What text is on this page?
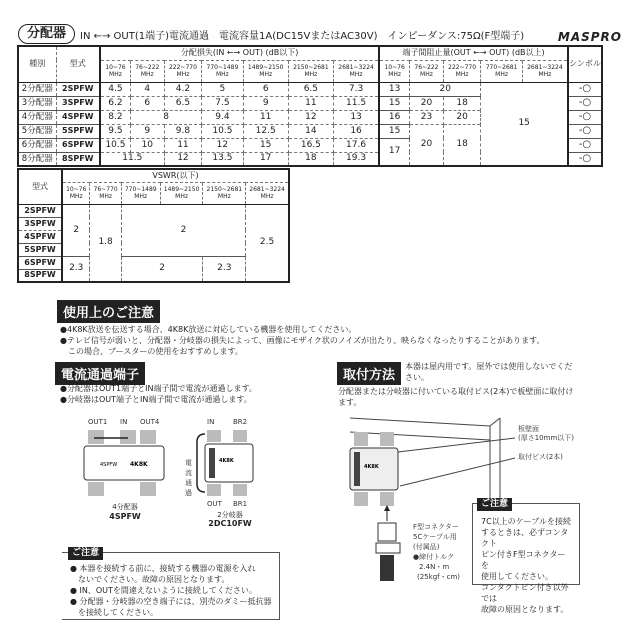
分配器	IN ←→ OUT(1端子)電流通過　電流容量1A(DC15VまたはAC30V)　インピーダンス:75Ω(F型端子)	MASPRO
種別	型式	分配損失(IN ←→ OUT) (dB以下)							端子間阻止量(OUT ←→ OUT) (dB以上)					シンボル
		10~76 MHz	76~222 MHz	222~770 MHz	770~1489 MHz	1489~2150 MHz	2150~2681 MHz	2681~3224 MHz	10~76 MHz	76~222 MHz	222~770 MHz	770~2681 MHz	2681~3224 MHz	
2分配器	2SPFW	4.5	4	4.2	5	6	6.5	7.3	13	20		15		-○
3分配器	3SPFW	6.2	6	6.5	7.5	9	11	11.5	15	20	18			-○
4分配器	4SPFW	8.2	8		9.4	11	12	13	16	23	20			-○
5分配器	5SPFW	9.5	9	9.8	10.5	12.5	14	16	15	20	18			-○
6分配器	6SPFW	10.5	10	11	12	15	16.5	17.6	17					-○
8分配器	8SPFW	11.5		12	13.5	17	18	19.3						-○
型式	VSWR(以下)					
	10~76 MHz	76~770 MHz	770~1489 MHz	1489~2150 MHz	2150~2681 MHz	2681~3224 MHz
2SPFW	2	1.8	2			2.5
3SPFW						
4SPFW						
5SPFW						
6SPFW	2.3		2		2.3	
8SPFW						
使用上のご注意
●4K8K放送を伝送する場合、4K8K放送に対応している機器を使用してください。
●テレビ信号が弱いと、分配器・分岐器の損失によって、画像にモザイク状のノイズが出たり、映らなくなったりすることがあります。
　この場合、ブースターの使用をおすすめします。
電流通過端子
●分配器はOUT1端子とIN端子間で電流が通過します。
●分岐器はOUT端子とIN端子間で電流が通過します。
OUT1 IN OUT4
4SPFW 4K8K
4分配器
4SPFW
IN	BR2
電流通過
4K8K
OUT BR1
2分岐器
2DC10FW
取付方法
本器は屋内用です。屋外では使用しないでください。
分配器または分岐器に付いている取付ビス(2本)で板壁面に取付けます。
4K8K
板壁面
(厚さ10mm以下)
取付ビス(2本)
F型コネクター
5Cケーブル用
(付属品)
●締付トルク
2.4N・m
(25kgf・cm)
ご注意
7C以上のケーブルを接続
するときは、必ずコンタクト
ピン付きF型コネクターを
使用してください。
コンタクトピン付き以外では
故障の原因となります。
ご注意
● 本器を接続する前に、接続する機器の電源を入れ
　ないでください。故障の原因となります。
● IN、OUTを間違えないように接続してください。
● 分配器・分岐器の空き端子には、別売のダミー抵抗器
　を接続してください。
